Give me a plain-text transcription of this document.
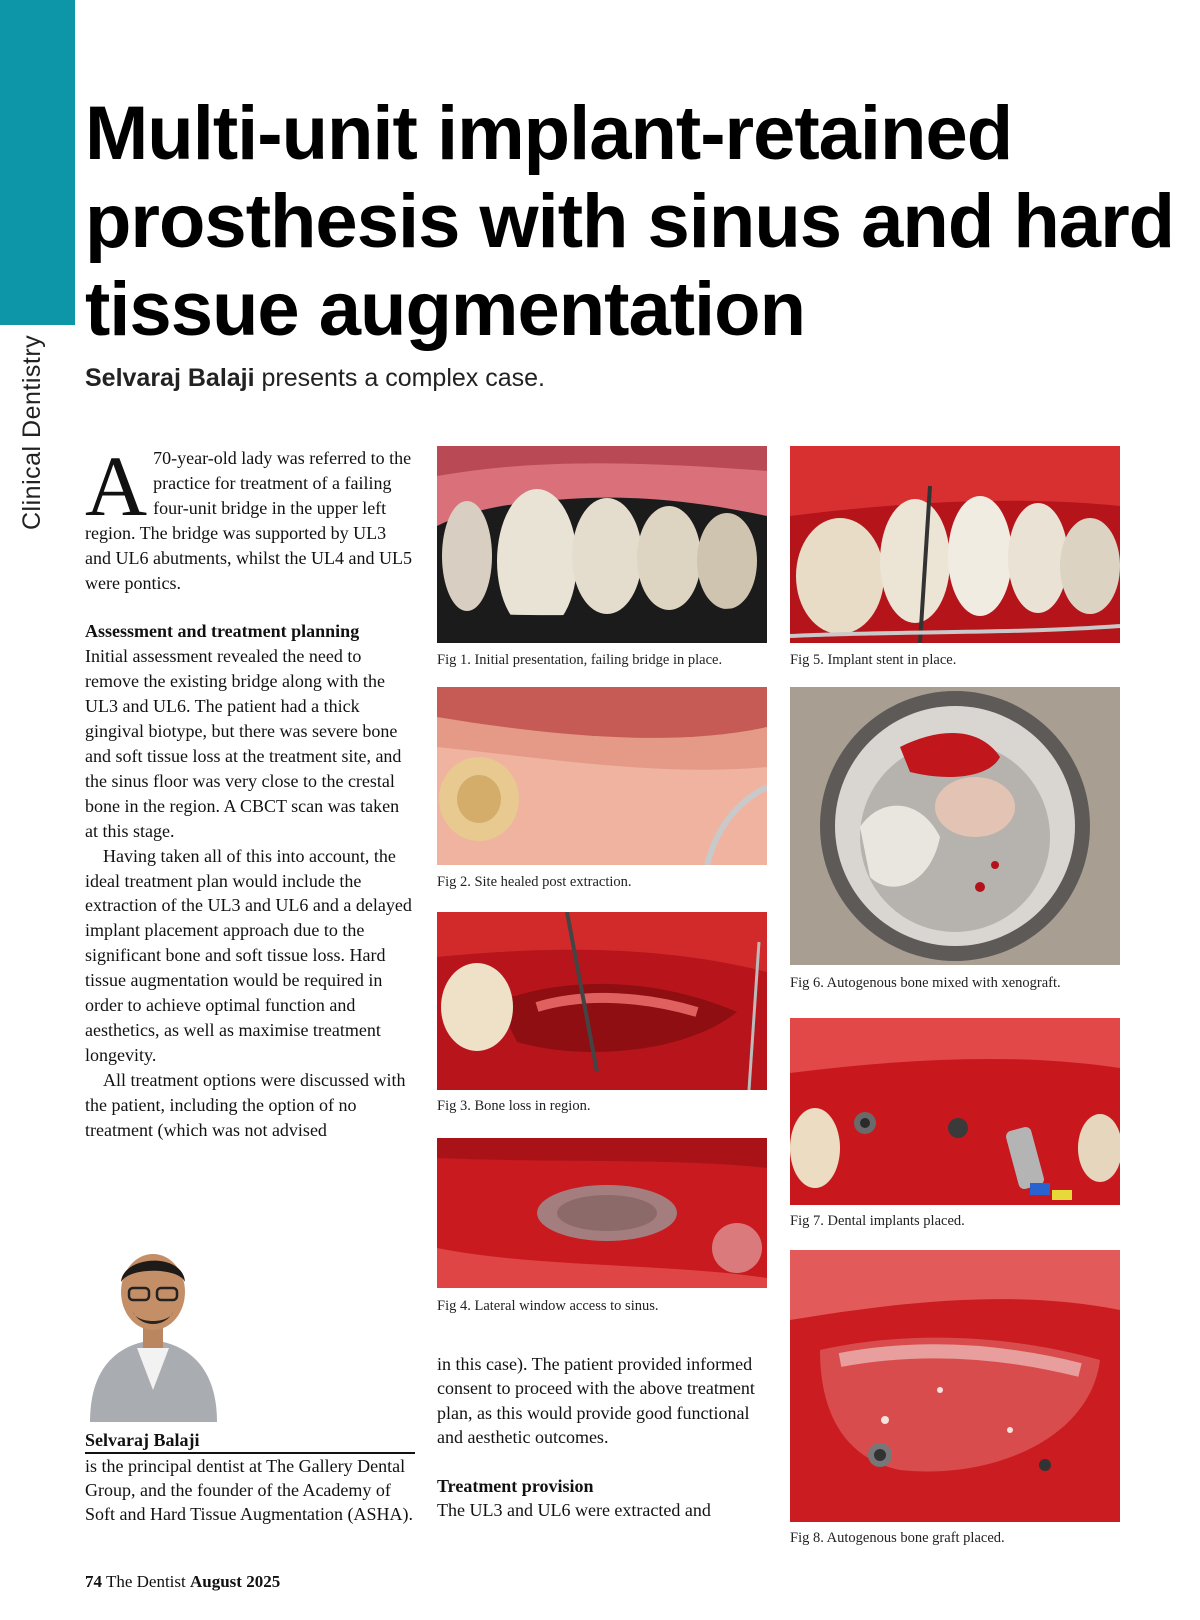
Clinical Dentistry
Multi-unit implant-retained prosthesis with sinus and hard tissue augmentation

Selvaraj Balaji presents a complex case.

A 70-year-old lady was referred to the practice for treatment of a failing four-unit bridge in the upper left region. The bridge was supported by UL3 and UL6 abutments, whilst the UL4 and UL5 were pontics.

Assessment and treatment planning

Initial assessment revealed the need to remove the existing bridge along with the UL3 and UL6. The patient had a thick gingival biotype, but there was severe bone and soft tissue loss at the treatment site, and the sinus floor was very close to the crestal bone in the region. A CBCT scan was taken at this stage.

Having taken all of this into account, the ideal treatment plan would include the extraction of the UL3 and UL6 and a delayed implant placement approach due to the significant bone and soft tissue loss. Hard tissue augmentation would be required in order to achieve optimal function and aesthetics, as well as maximise treatment longevity.

All treatment options were discussed with the patient, including the option of no treatment (which was not advised

Fig 1. Initial presentation, failing bridge in place.
Fig 2. Site healed post extraction.
Fig 3. Bone loss in region.
Fig 4. Lateral window access to sinus.
Fig 5. Implant stent in place.
Fig 6. Autogenous bone mixed with xenograft.
Fig 7. Dental implants placed.
Fig 8. Autogenous bone graft placed.

in this case). The patient provided informed consent to proceed with the above treatment plan, as this would provide good functional and aesthetic outcomes.

Treatment provision

The UL3 and UL6 were extracted and

Selvaraj Balaji
is the principal dentist at The Gallery Dental Group, and the founder of the Academy of Soft and Hard Tissue Augmentation (ASHA).
74 The Dentist August 2025
